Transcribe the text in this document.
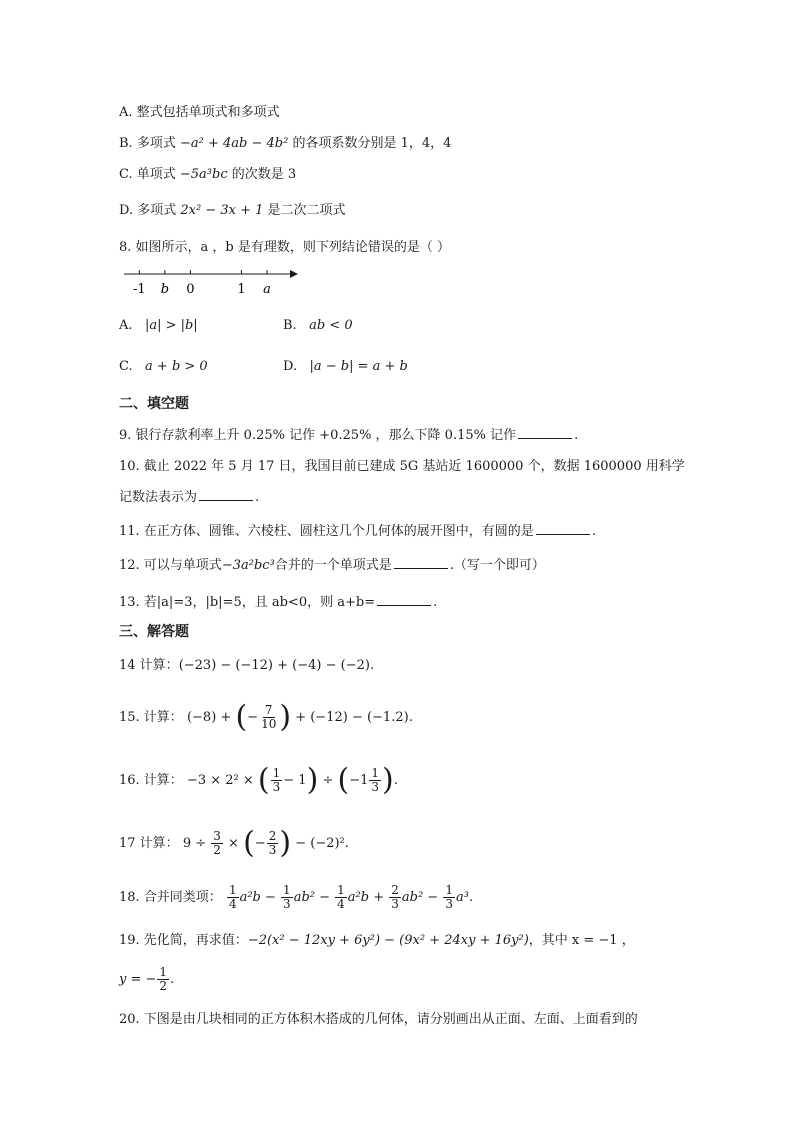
A. 整式包括单项式和多项式
B. 多项式 −a² + 4ab − 4b² 的各项系数分别是 1，4，4
C. 单项式 −5a³bc 的次数是 3
D. 多项式 2x² − 3x + 1 是二次二项式
8. 如图所示，a ，b 是有理数，则下列结论错误的是（ ）
-1 b 0	1 a
A. |a| > |b|	B. ab < 0
C. a + b > 0	D. |a − b| = a + b
二、填空题
9. 银行存款利率上升 0.25% 记作 +0.25% ，那么下降 0.15% 记作	.
10. 截止 2022 年 5 月 17 日，我国目前已建成 5G 基站近 1600000 个，数据 1600000 用科学
记数法表示为	.
11. 在正方体、圆锥、六棱柱、圆柱这几个几何体的展开图中，有圆的是	.
12. 可以与单项式−3a²bc³合并的一个单项式是	.（写一个即可）
13. 若|a|=3，|b|=5，且 ab<0，则 a+b=	.
三、解答题
14 计算：(−23) − (−12) + (−4) − (−2).
15. 计算： (−8) + (− $\frac{7}{10}$ ) + (−12) − (−1.2).
16. 计算： −3 × 2² × ( $\frac{1}{3} - 1) \div (-1 \frac{1}{3}$ ).
17 计算： $9 \div \frac{3}{2}$ × (− $\frac{2}{3}$ ) − (−2)².
18. 合并同类项： $\frac{1}{4} a^2b - \frac{1}{3} ab^2 - \frac{1}{4} a^2b + \frac{2}{3} ab^2 - \frac{1}{3} a^3$.
19. 先化简，再求值：−2(x² − 12xy + 6y²) − (9x² + 24xy + 16y²)，其中 x = −1 ，
y = − $\frac{1}{2}$ .
20. 下图是由几块相同的正方体积木搭成的几何体，请分别画出从正面、左面、上面看到的
